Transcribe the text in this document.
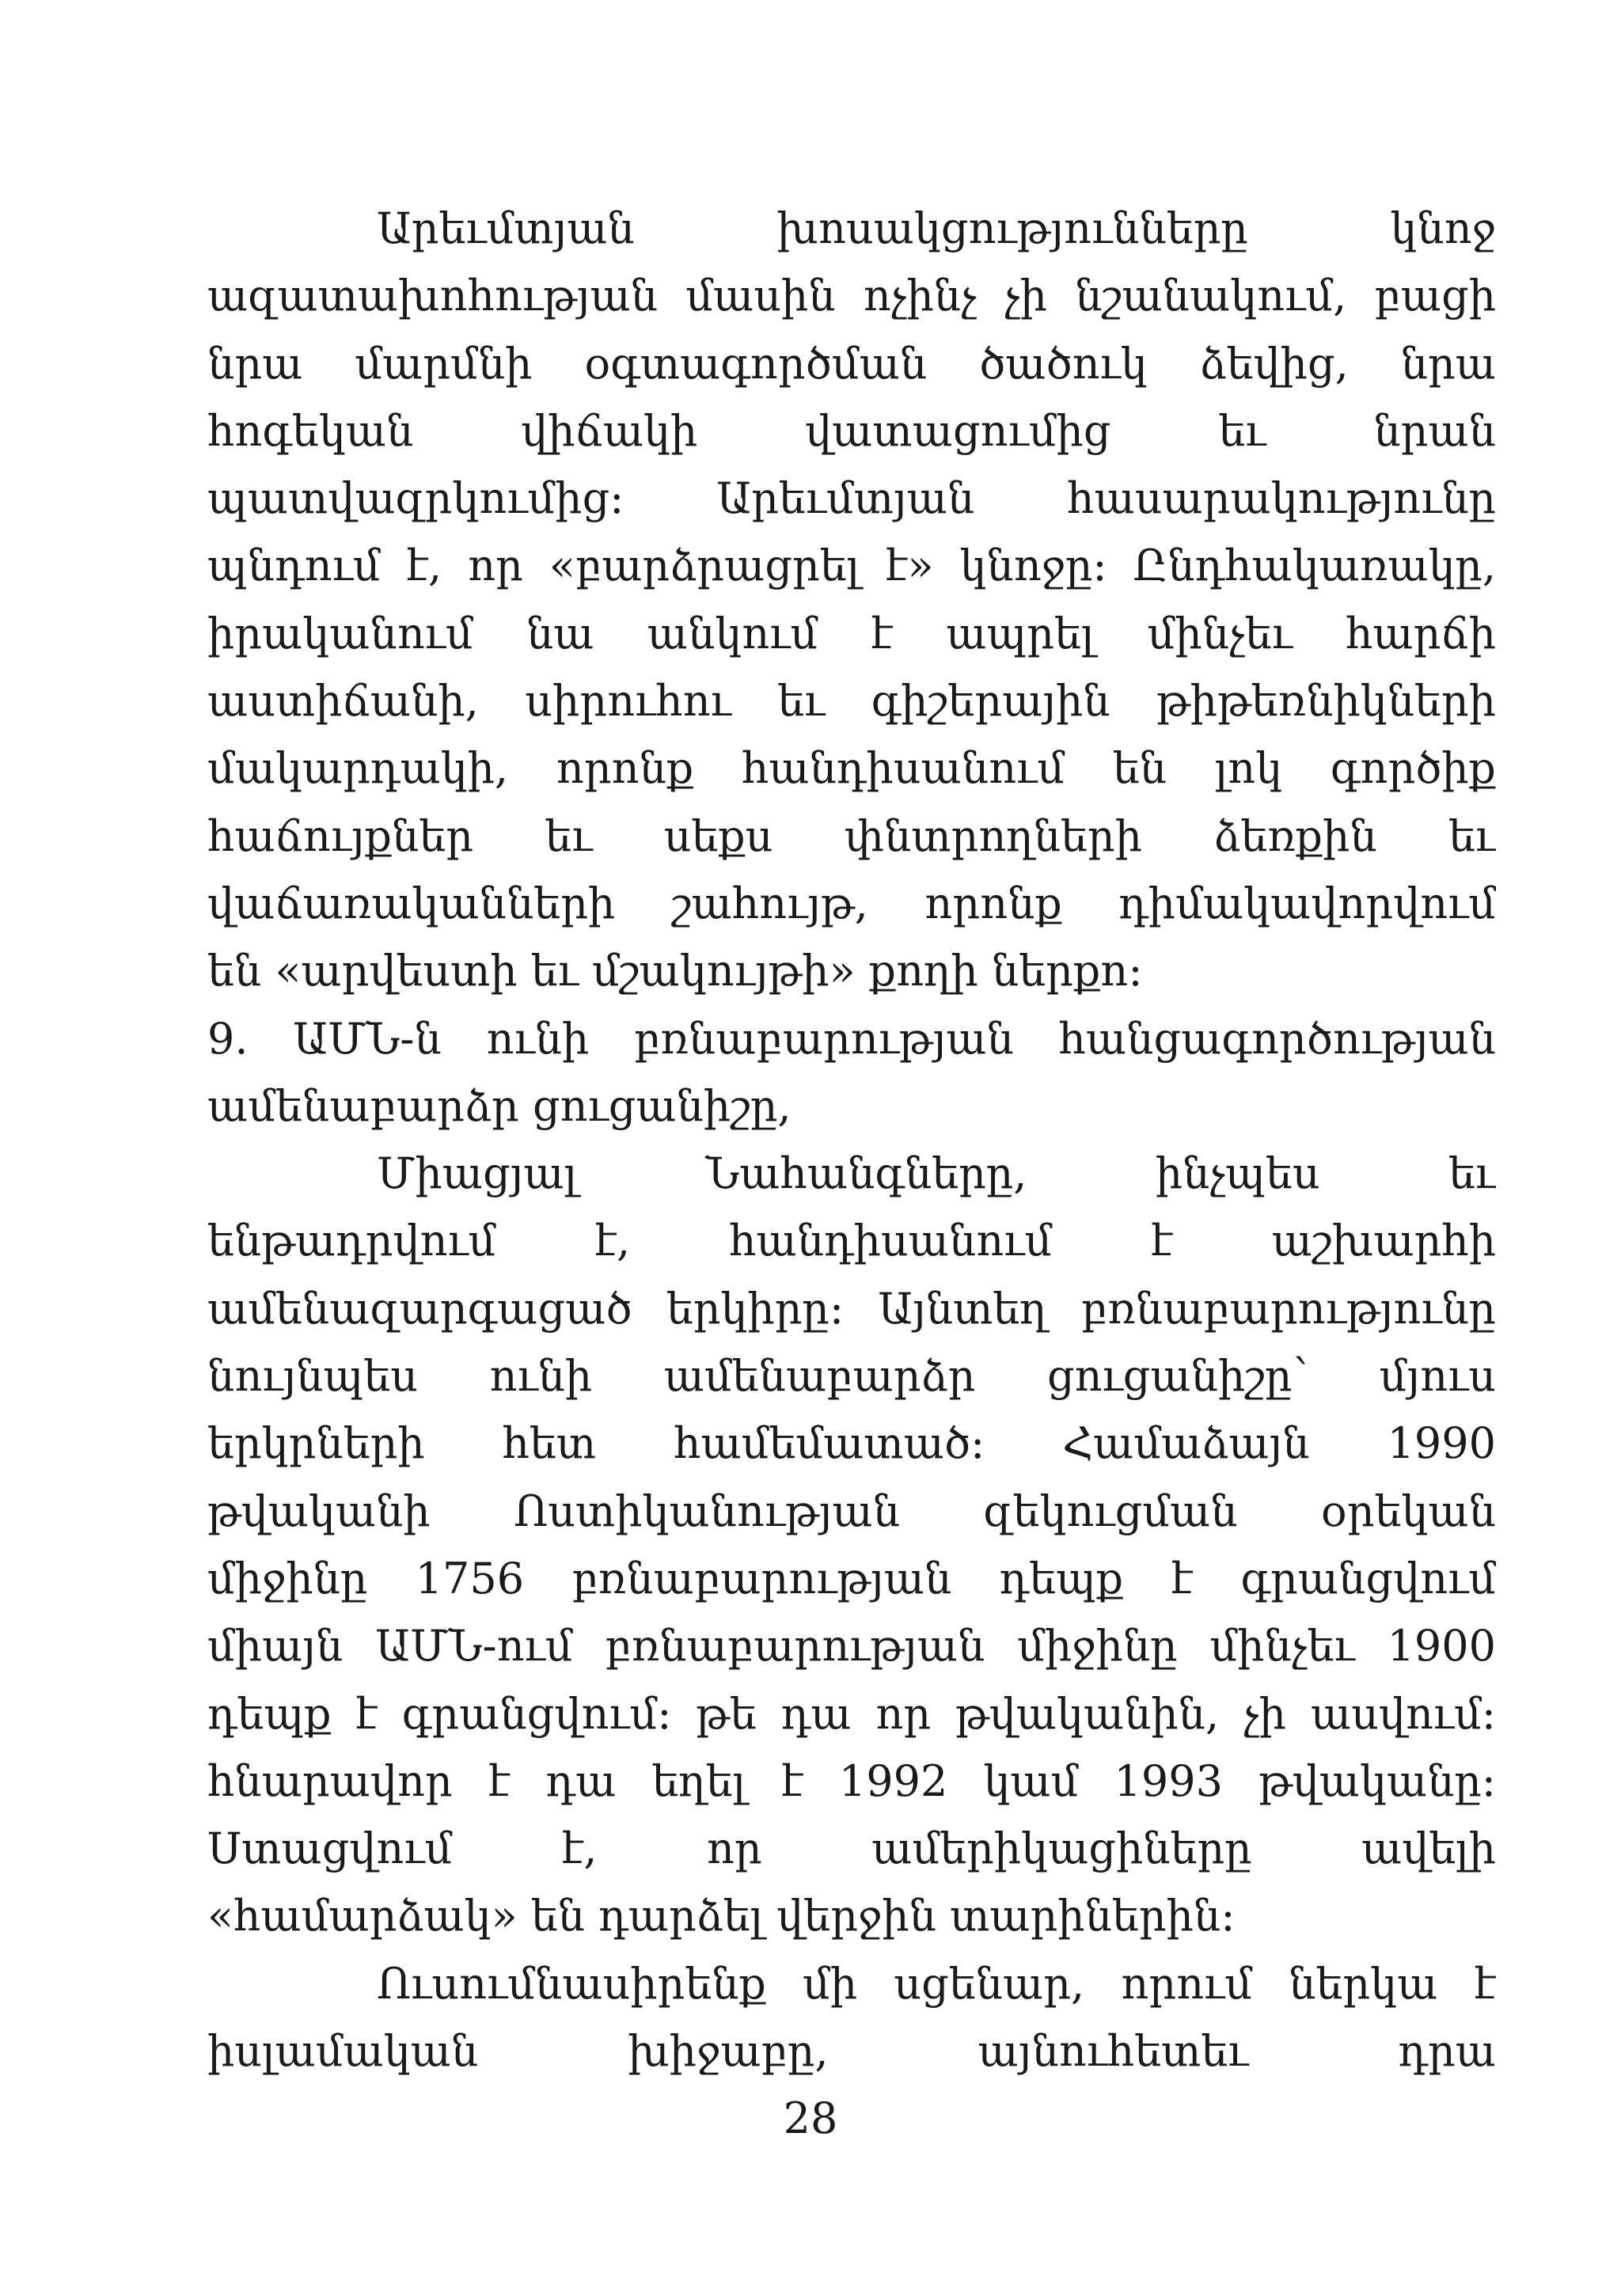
Արեւմտյան խոսակցությունները կնոջ
ազատախոհության մասին ոչինչ չի նշանակում, բացի
նրա մարմնի օգտագործման ծածուկ ձեվից, նրա
հոգեկան վիճակի վատացումից եւ նրան
պատվազրկումից: Արեւմտյան հասարակությունը
պնդում է, որ «բարձրացրել է» կնոջը: Ընդհակառակը,
իրականում նա անկում է ապրել մինչեւ հարճի
աստիճանի, սիրուհու եւ գիշերային թիթեռնիկների
մակարդակի, որոնք հանդիսանում են լոկ գործիք
հաճույքներ եւ սեքս փնտրողների ձեռքին եւ
վաճառականների շահույթ, որոնք դիմակավորվում
են «արվեստի եւ մշակույթի» քողի ներքո:
9. ԱՄՆ-ն ունի բռնաբարության հանցագործության
ամենաբարձր ցուցանիշը,
Միացյալ Նահանգները, ինչպես եւ
ենթադրվում է, հանդիսանում է աշխարհի
ամենազարգացած երկիրը: Այնտեղ բռնաբարությունը
նույնպես ունի ամենաբարձր ցուցանիշը՝ մյուս
երկրների հետ համեմատած: Համաձայն 1990
թվականի Ոստիկանության զեկուցման օրեկան
միջինը 1756 բռնաբարության դեպք է գրանցվում
միայն ԱՄՆ-ում բռնաբարության միջինը մինչեւ 1900
դեպք է գրանցվում: թե դա որ թվականին, չի ասվում:
հնարավոր է դա եղել է 1992 կամ 1993 թվականը:
Ստացվում է, որ ամերիկացիները ավելի
«համարձակ» են դարձել վերջին տարիներին:
Ուսումնասիրենք մի սցենար, որում ներկա է
իսլամական խիջաբը, այնուհետեւ դրա
28
